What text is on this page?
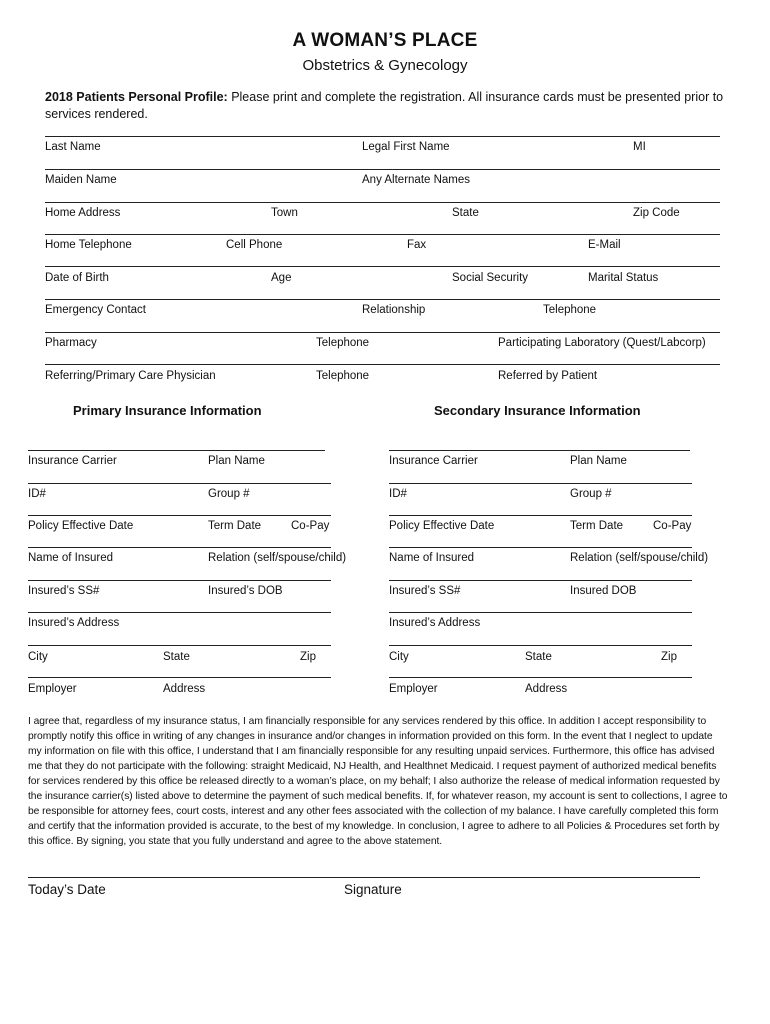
A WOMAN’S PLACE
Obstetrics & Gynecology
2018 Patients Personal Profile: Please print and complete the registration. All insurance cards must be presented prior to services rendered.
Last Name	Legal First Name	MI
Maiden Name	Any Alternate Names
Home Address	Town	State	Zip Code
Home Telephone	Cell Phone	Fax	E-Mail
Date of Birth	Age	Social Security	Marital Status
Emergency Contact	Relationship	Telephone
Pharmacy	Telephone	Participating Laboratory (Quest/Labcorp)
Referring/Primary Care Physician	Telephone	Referred by Patient
Primary Insurance Information	Secondary Insurance Information
Insurance Carrier	Plan Name
ID#	Group #
Policy Effective Date	Term Date	Co-Pay
Name of Insured	Relation (self/spouse/child)
Insured’s SS#	Insured’s DOB
Insured’s Address
City	State	Zip
Employer	Address
Insurance Carrier	Plan Name
ID#	Group #
Policy Effective Date	Term Date	Co-Pay
Name of Insured	Relation (self/spouse/child)
Insured’s SS#	Insured DOB
Insured’s Address
City	State	Zip
Employer	Address
I agree that, regardless of my insurance status, I am financially responsible for any services rendered by this office. In addition I accept responsibility to promptly notify this office in writing of any changes in insurance and/or changes in information provided on this form. In the event that I neglect to update my information on file with this office, I understand that I am financially responsible for any resulting unpaid services. Furthermore, this office has advised me that they do not participate with the following: straight Medicaid, NJ Health, and Healthnet Medicaid. I request payment of authorized medical benefits for services rendered by this office be released directly to a woman’s place, on my behalf; I also authorize the release of medical information requested by the insurance carrier(s) listed above to determine the payment of such medical benefits. If, for whatever reason, my account is sent to collections, I agree to be responsible for attorney fees, court costs, interest and any other fees associated with the collection of my balance. I have carefully completed this form and certify that the information provided is accurate, to the best of my knowledge. In conclusion, I agree to adhere to all Policies & Procedures set forth by this office. By signing, you state that you fully understand and agree to the above statement.
Today’s Date	Signature
